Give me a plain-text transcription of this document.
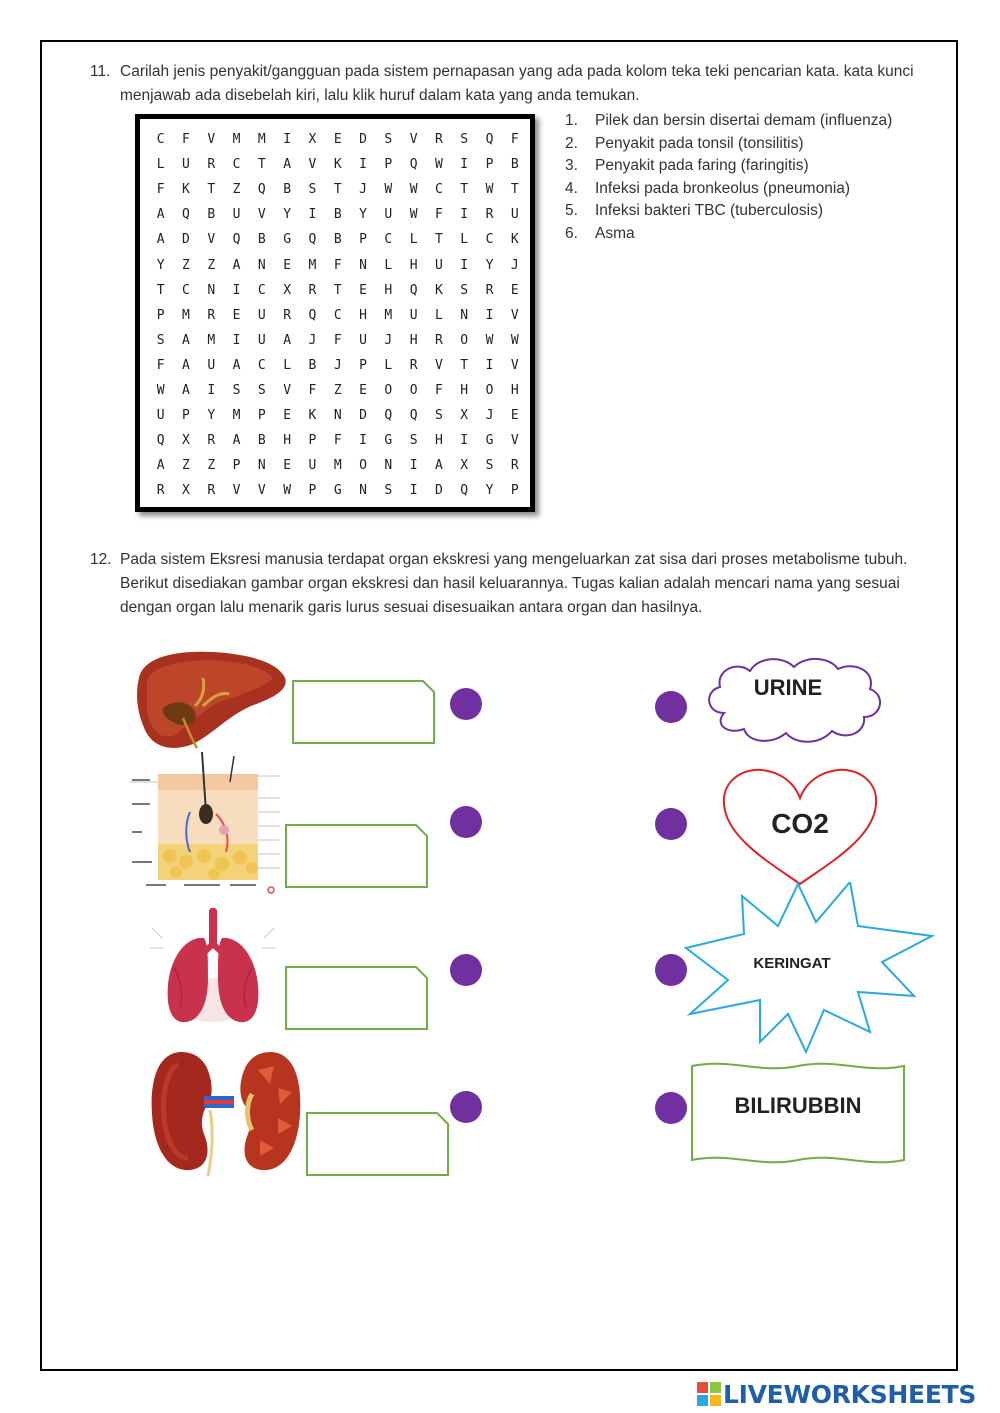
11. Carilah jenis penyakit/gangguan pada sistem pernapasan yang ada pada kolom teka teki pencarian kata. kata kunci menjawab ada disebelah kiri, lalu klik huruf dalam kata yang anda temukan.
C	F	V	M	M	I	X	E	D	S	V	R	S	Q	F
L	U	R	C	T	A	V	K	I	P	Q	W	I	P	B
F	K	T	Z	Q	B	S	T	J	W	W	C	T	W	T
A	Q	B	U	V	Y	I	B	Y	U	W	F	I	R	U
A	D	V	Q	B	G	Q	B	P	C	L	T	L	C	K
Y	Z	Z	A	N	E	M	F	N	L	H	U	I	Y	J
T	C	N	I	C	X	R	T	E	H	Q	K	S	R	E
P	M	R	E	U	R	Q	C	H	M	U	L	N	I	V
S	A	M	I	U	A	J	F	U	J	H	R	O	W	W
F	A	U	A	C	L	B	J	P	L	R	V	T	I	V
W	A	I	S	S	V	F	Z	E	O	O	F	H	O	H
U	P	Y	M	P	E	K	N	D	Q	Q	S	X	J	E
Q	X	R	A	B	H	P	F	I	G	S	H	I	G	V
A	Z	Z	P	N	E	U	M	O	N	I	A	X	S	R
R	X	R	V	V	W	P	G	N	S	I	D	Q	Y	P
1. Pilek dan bersin disertai demam (influenza)
2. Penyakit pada tonsil (tonsilitis)
3. Penyakit pada faring (faringitis)
4. Infeksi pada bronkeolus (pneumonia)
5. Infeksi bakteri TBC (tuberculosis)
6. Asma
12. Pada sistem Eksresi manusia terdapat organ ekskresi yang mengeluarkan zat sisa dari proses metabolisme tubuh. Berikut disediakan gambar organ ekskresi dan hasil keluarannya. Tugas kalian adalah mencari nama yang sesuai dengan organ lalu menarik garis lurus sesuai disesuaikan antara organ dan hasilnya.
URINE
CO2
KERINGAT
BILIRUBBIN
LIVEWORKSHEETS
